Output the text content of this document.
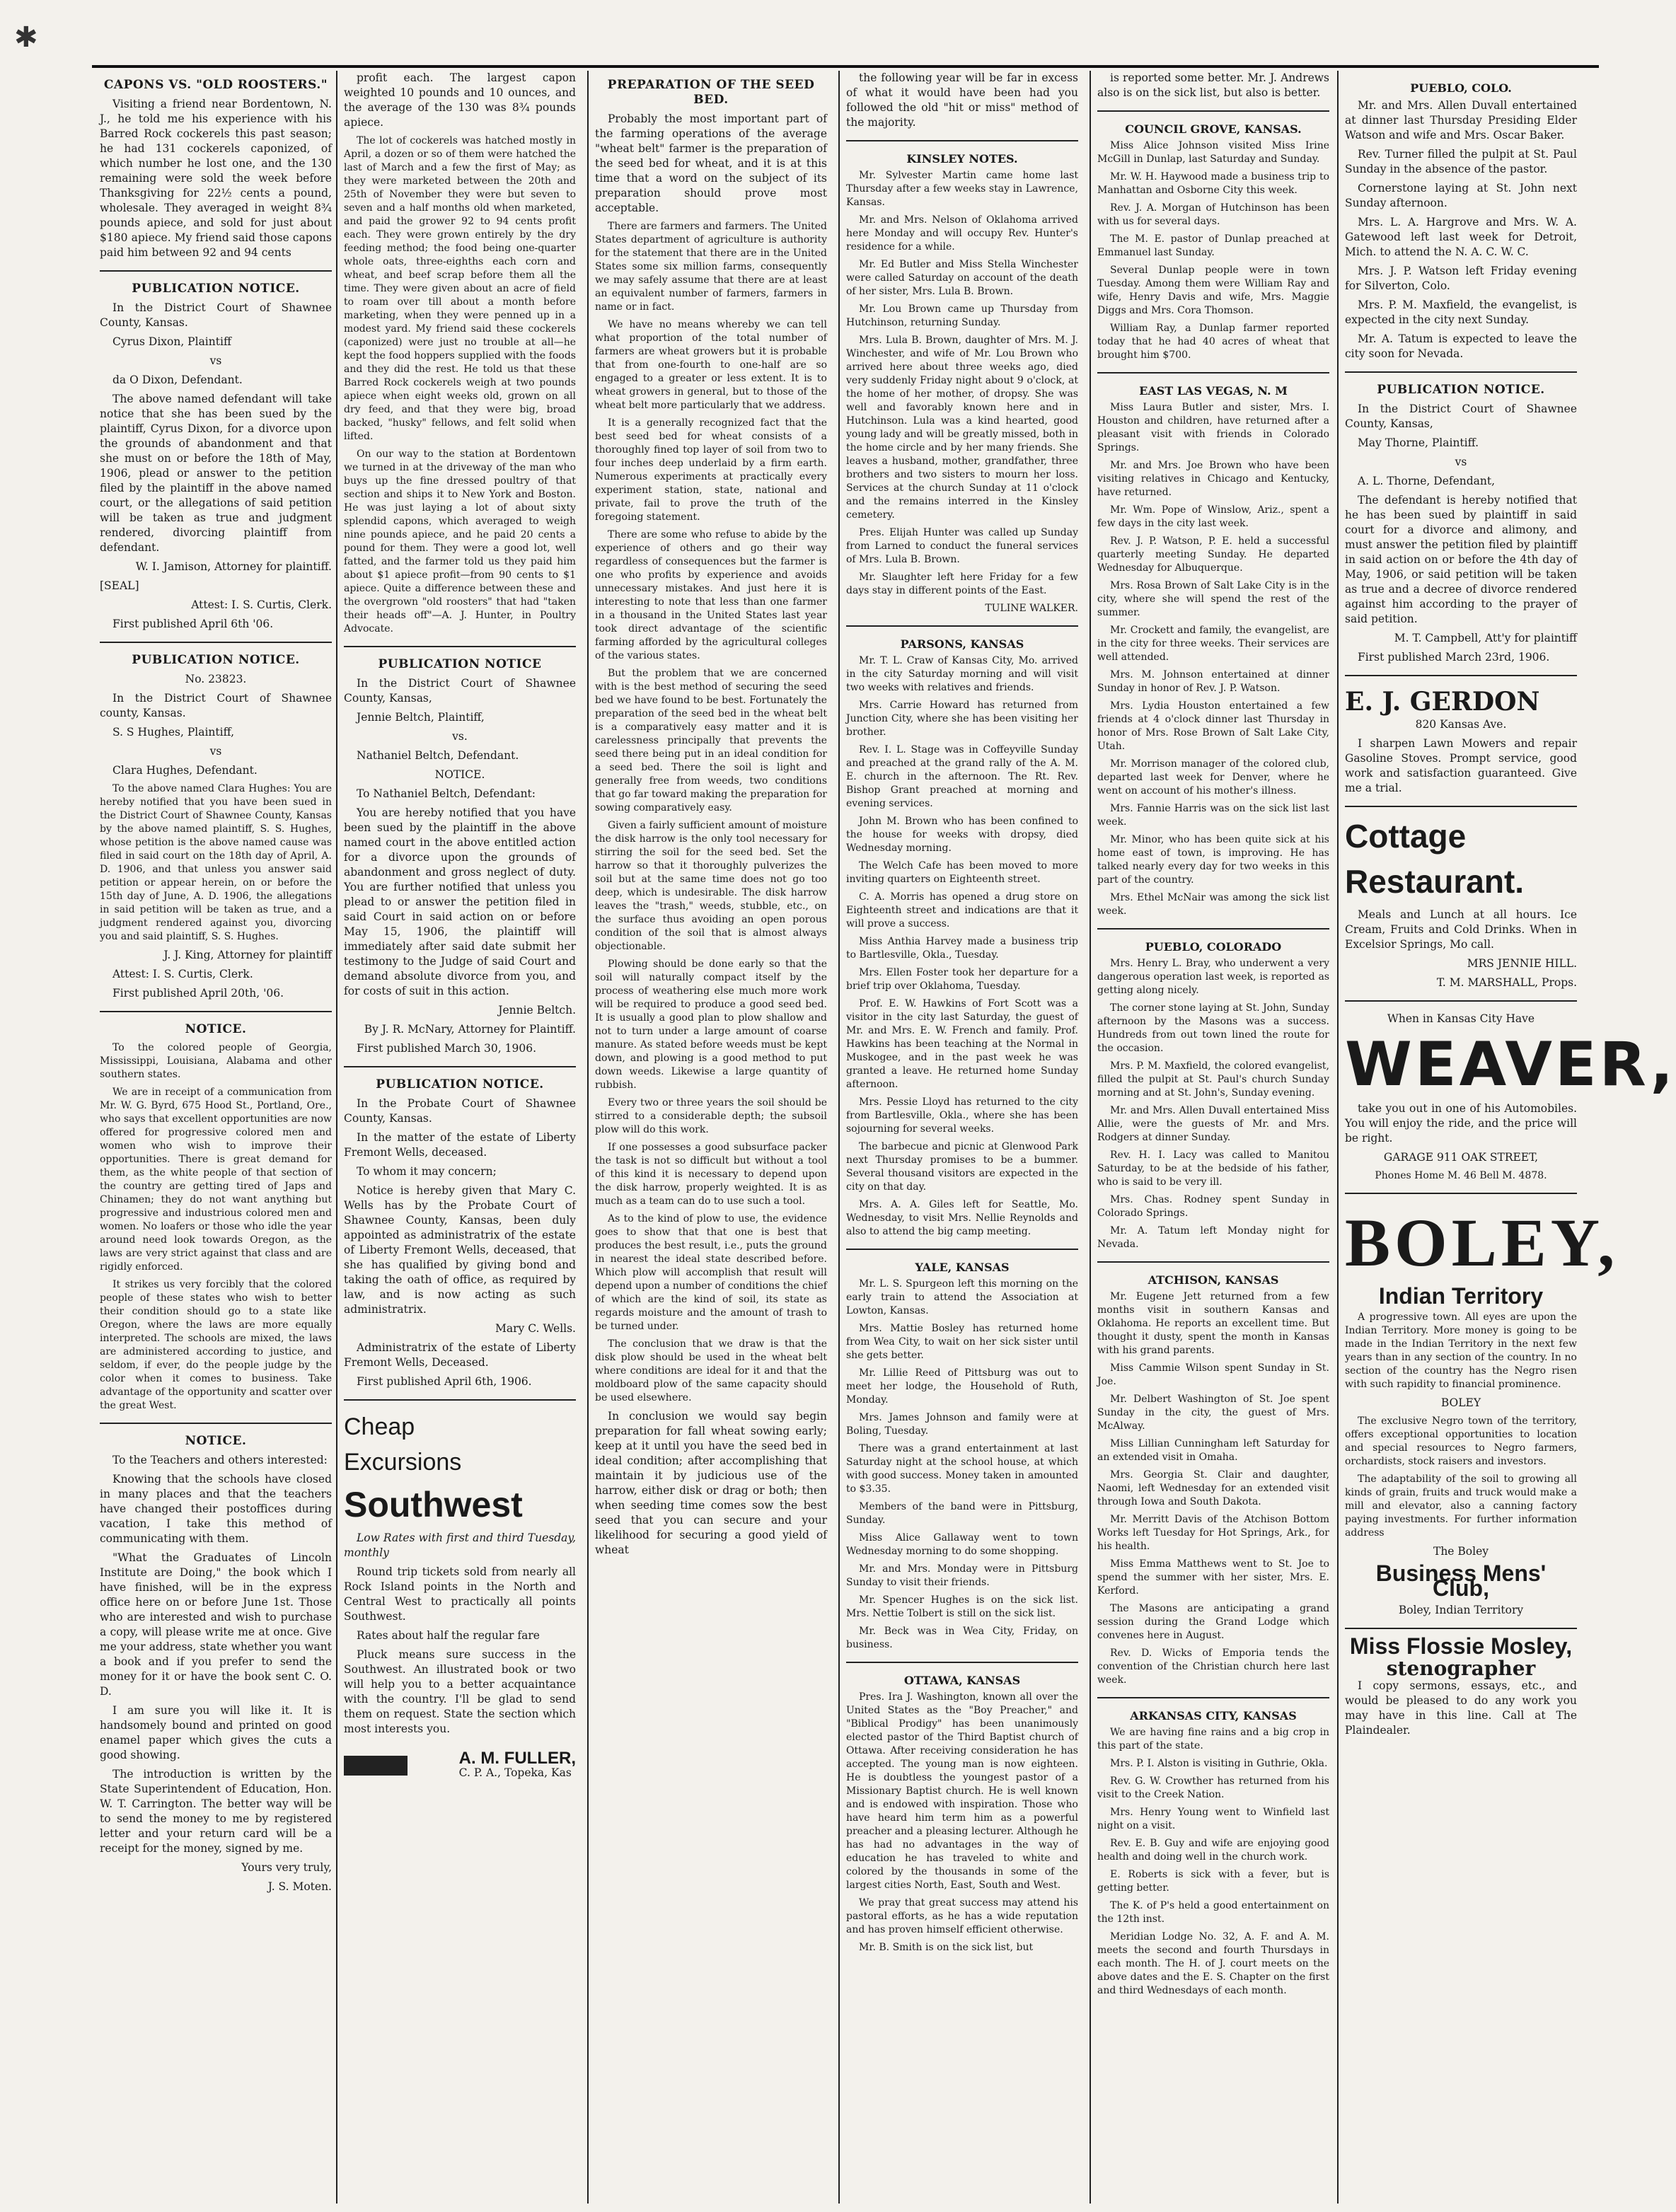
✱
CAPONS VS. "OLD ROOSTERS."

Visiting a friend near Bordentown, N. J., he told me his experience with his Barred Rock cockerels this past season; he had 131 cockerels caponized, of which number he lost one, and the 130 remaining were sold the week before Thanksgiving for 22½ cents a pound, wholesale. They averaged in weight 8¾ pounds apiece, and sold for just about $180 apiece. My friend said those capons paid him between 92 and 94 cents

PUBLICATION NOTICE.

In the District Court of Shawnee County, Kansas.

Cyrus Dixon, Plaintiff

vs

da O Dixon, Defendant.

The above named defendant will take notice that she has been sued by the plaintiff, Cyrus Dixon, for a divorce upon the grounds of abandonment and that she must on or before the 18th of May, 1906, plead or answer to the petition filed by the plaintiff in the above named court, or the allegations of said petition will be taken as true and judgment rendered, divorcing plaintiff from defendant.

W. I. Jamison, Attorney for plaintiff.

[SEAL]

Attest: I. S. Curtis, Clerk.

First published April 6th '06.

PUBLICATION NOTICE.

No. 23823.

In the District Court of Shawnee county, Kansas.

S. S Hughes, Plaintiff,

vs

Clara Hughes, Defendant.

To the above named Clara Hughes: You are hereby notified that you have been sued in the District Court of Shawnee County, Kansas by the above named plaintiff, S. S. Hughes, whose petition is the above named cause was filed in said court on the 18th day of April, A. D. 1906, and that unless you answer said petition or appear herein, on or before the 15th day of June, A. D. 1906, the allegations in said petition will be taken as true, and a judgment rendered against you, divorcing you and said plaintiff, S. S. Hughes.

J. J. King, Attorney for plaintiff

Attest: I. S. Curtis, Clerk.

First published April 20th, '06.

NOTICE.

To the colored people of Georgia, Mississippi, Louisiana, Alabama and other southern states.

We are in receipt of a communication from Mr. W. G. Byrd, 675 Hood St., Portland, Ore., who says that excellent opportunities are now offered for progressive colored men and women who wish to improve their opportunities. There is great demand for them, as the white people of that section of the country are getting tired of Japs and Chinamen; they do not want anything but progressive and industrious colored men and women. No loafers or those who idle the year around need look towards Oregon, as the laws are very strict against that class and are rigidly enforced.

It strikes us very forcibly that the colored people of these states who wish to better their condition should go to a state like Oregon, where the laws are more equally interpreted. The schools are mixed, the laws are administered according to justice, and seldom, if ever, do the people judge by the color when it comes to business. Take advantage of the opportunity and scatter over the great West.

NOTICE.

To the Teachers and others interested:

Knowing that the schools have closed in many places and that the teachers have changed their postoffices during vacation, I take this method of communicating with them.

"What the Graduates of Lincoln Institute are Doing," the book which I have finished, will be in the express office here on or before June 1st. Those who are interested and wish to purchase a copy, will please write me at once. Give me your address, state whether you want a book and if you prefer to send the money for it or have the book sent C. O. D.

I am sure you will like it. It is handsomely bound and printed on good enamel paper which gives the cuts a good showing.

The introduction is written by the State Superintendent of Education, Hon. W. T. Carrington. The better way will be to send the money to me by registered letter and your return card will be a receipt for the money, signed by me.

Yours very truly,

J. S. Moten.

profit each. The largest capon weighted 10 pounds and 10 ounces, and the average of the 130 was 8¾ pounds apiece.

The lot of cockerels was hatched mostly in April, a dozen or so of them were hatched the last of March and a few the first of May; as they were marketed between the 20th and 25th of November they were but seven to seven and a half months old when marketed, and paid the grower 92 to 94 cents profit each. They were grown entirely by the dry feeding method; the food being one-quarter whole oats, three-eighths each corn and wheat, and beef scrap before them all the time. They were given about an acre of field to roam over till about a month before marketing, when they were penned up in a modest yard. My friend said these cockerels (caponized) were just no trouble at all—he kept the food hoppers supplied with the foods and they did the rest. He told us that these Barred Rock cockerels weigh at two pounds apiece when eight weeks old, grown on all dry feed, and that they were big, broad backed, "husky" fellows, and felt solid when lifted.

On our way to the station at Bordentown we turned in at the driveway of the man who buys up the fine dressed poultry of that section and ships it to New York and Boston. He was just laying a lot of about sixty splendid capons, which averaged to weigh nine pounds apiece, and he paid 20 cents a pound for them. They were a good lot, well fatted, and the farmer told us they paid him about $1 apiece profit—from 90 cents to $1 apiece. Quite a difference between these and the overgrown "old roosters" that had "taken their heads off"—A. J. Hunter, in Poultry Advocate.

PUBLICATION NOTICE

In the District Court of Shawnee County, Kansas,

Jennie Beltch, Plaintiff,

vs.

Nathaniel Beltch, Defendant.

NOTICE.

To Nathaniel Beltch, Defendant:

You are hereby notified that you have been sued by the plaintiff in the above named court in the above entitled action for a divorce upon the grounds of abandonment and gross neglect of duty. You are further notified that unless you plead to or answer the petition filed in said Court in said action on or before May 15, 1906, the plaintiff will immediately after said date submit her testimony to the Judge of said Court and demand absolute divorce from you, and for costs of suit in this action.

Jennie Beltch.

By J. R. McNary, Attorney for Plaintiff.

First published March 30, 1906.

PUBLICATION NOTICE.

In the Probate Court of Shawnee County, Kansas.

In the matter of the estate of Liberty Fremont Wells, deceased.

To whom it may concern;

Notice is hereby given that Mary C. Wells has by the Probate Court of Shawnee County, Kansas, been duly appointed as administratrix of the estate of Liberty Fremont Wells, deceased, that she has qualified by giving bond and taking the oath of office, as required by law, and is now acting as such administratrix.

Mary C. Wells.

Administratrix of the estate of Liberty Fremont Wells, Deceased.

First published April 6th, 1906.

Cheap
Excursions
Southwest

Low Rates with first and third Tuesday, monthly

Round trip tickets sold from nearly all Rock Island points in the North and Central West to practically all points Southwest.

Rates about half the regular fare

Pluck means sure success in the Southwest. An illustrated book or two will help you to a better acquaintance with the country. I'll be glad to send them on request. State the section which most interests you.

A. M. FULLER,
C. P. A., Topeka, Kas
PREPARATION OF THE SEED BED.

Probably the most important part of the farming operations of the average "wheat belt" farmer is the preparation of the seed bed for wheat, and it is at this time that a word on the subject of its preparation should prove most acceptable.

There are farmers and farmers. The United States department of agriculture is authority for the statement that there are in the United States some six million farms, consequently we may safely assume that there are at least an equivalent number of farmers, farmers in name or in fact.

We have no means whereby we can tell what proportion of the total number of farmers are wheat growers but it is probable that from one-fourth to one-half are so engaged to a greater or less extent. It is to wheat growers in general, but to those of the wheat belt more particularly that we address.

It is a generally recognized fact that the best seed bed for wheat consists of a thoroughly fined top layer of soil from two to four inches deep underlaid by a firm earth. Numerous experiments at practically every experiment station, state, national and private, fail to prove the truth of the foregoing statement.

There are some who refuse to abide by the experience of others and go their way regardless of consequences but the farmer is one who profits by experience and avoids unnecessary mistakes. And just here it is interesting to note that less than one farmer in a thousand in the United States last year took direct advantage of the scientific farming afforded by the agricultural colleges of the various states.

But the problem that we are concerned with is the best method of securing the seed bed we have found to be best. Fortunately the preparation of the seed bed in the wheat belt is a comparatively easy matter and it is carelessness principally that prevents the seed there being put in an ideal condition for a seed bed. There the soil is light and generally free from weeds, two conditions that go far toward making the preparation for sowing comparatively easy.

Given a fairly sufficient amount of moisture the disk harrow is the only tool necessary for stirring the soil for the seed bed. Set the harrow so that it thoroughly pulverizes the soil but at the same time does not go too deep, which is undesirable. The disk harrow leaves the "trash," weeds, stubble, etc., on the surface thus avoiding an open porous condition of the soil that is almost always objectionable.

Plowing should be done early so that the soil will naturally compact itself by the process of weathering else much more work will be required to produce a good seed bed. It is usually a good plan to plow shallow and not to turn under a large amount of coarse manure. As stated before weeds must be kept down, and plowing is a good method to put down weeds. Likewise a large quantity of rubbish.

Every two or three years the soil should be stirred to a considerable depth; the subsoil plow will do this work.

If one possesses a good subsurface packer the task is not so difficult but without a tool of this kind it is necessary to depend upon the disk harrow, properly weighted. It is as much as a team can do to use such a tool.

As to the kind of plow to use, the evidence goes to show that that one is best that produces the best result, i.e., puts the ground in nearest the ideal state described before. Which plow will accomplish that result will depend upon a number of conditions the chief of which are the kind of soil, its state as regards moisture and the amount of trash to be turned under.

The conclusion that we draw is that the disk plow should be used in the wheat belt where conditions are ideal for it and that the moldboard plow of the same capacity should be used elsewhere.

In conclusion we would say begin preparation for fall wheat sowing early; keep at it until you have the seed bed in ideal condition; after accomplishing that maintain it by judicious use of the harrow, either disk or drag or both; then when seeding time comes sow the best seed that you can secure and your likelihood for securing a good yield of wheat

the following year will be far in excess of what it would have been had you followed the old "hit or miss" method of the majority.

KINSLEY NOTES.

Mr. Sylvester Martin came home last Thursday after a few weeks stay in Lawrence, Kansas.

Mr. and Mrs. Nelson of Oklahoma arrived here Monday and will occupy Rev. Hunter's residence for a while.

Mr. Ed Butler and Miss Stella Winchester were called Saturday on account of the death of her sister, Mrs. Lula B. Brown.

Mr. Lou Brown came up Thursday from Hutchinson, returning Sunday.

Mrs. Lula B. Brown, daughter of Mrs. M. J. Winchester, and wife of Mr. Lou Brown who arrived here about three weeks ago, died very suddenly Friday night about 9 o'clock, at the home of her mother, of dropsy. She was well and favorably known here and in Hutchinson. Lula was a kind hearted, good young lady and will be greatly missed, both in the home circle and by her many friends. She leaves a husband, mother, grandfather, three brothers and two sisters to mourn her loss. Services at the church Sunday at 11 o'clock and the remains interred in the Kinsley cemetery.

Pres. Elijah Hunter was called up Sunday from Larned to conduct the funeral services of Mrs. Lula B. Brown.

Mr. Slaughter left here Friday for a few days stay in different points of the East.

TULINE WALKER.

PARSONS, KANSAS

Mr. T. L. Craw of Kansas City, Mo. arrived in the city Saturday morning and will visit two weeks with relatives and friends.

Mrs. Carrie Howard has returned from Junction City, where she has been visiting her brother.

Rev. I. L. Stage was in Coffeyville Sunday and preached at the grand rally of the A. M. E. church in the afternoon. The Rt. Rev. Bishop Grant preached at morning and evening services.

John M. Brown who has been confined to the house for weeks with dropsy, died Wednesday morning.

The Welch Cafe has been moved to more inviting quarters on Eighteenth street.

C. A. Morris has opened a drug store on Eighteenth street and indications are that it will prove a success.

Miss Anthia Harvey made a business trip to Bartlesville, Okla., Tuesday.

Mrs. Ellen Foster took her departure for a brief trip over Oklahoma, Tuesday.

Prof. E. W. Hawkins of Fort Scott was a visitor in the city last Saturday, the guest of Mr. and Mrs. E. W. French and family. Prof. Hawkins has been teaching at the Normal in Muskogee, and in the past week he was granted a leave. He returned home Sunday afternoon.

Mrs. Pessie Lloyd has returned to the city from Bartlesville, Okla., where she has been sojourning for several weeks.

The barbecue and picnic at Glenwood Park next Thursday promises to be a bummer. Several thousand visitors are expected in the city on that day.

Mrs. A. A. Giles left for Seattle, Mo. Wednesday, to visit Mrs. Nellie Reynolds and also to attend the big camp meeting.

YALE, KANSAS

Mr. L. S. Spurgeon left this morning on the early train to attend the Association at Lowton, Kansas.

Mrs. Mattie Bosley has returned home from Wea City, to wait on her sick sister until she gets better.

Mr. Lillie Reed of Pittsburg was out to meet her lodge, the Household of Ruth, Monday.

Mrs. James Johnson and family were at Boling, Tuesday.

There was a grand entertainment at last Saturday night at the school house, at which with good success. Money taken in amounted to $3.35.

Members of the band were in Pittsburg, Sunday.

Miss Alice Gallaway went to town Wednesday morning to do some shopping.

Mr. and Mrs. Monday were in Pittsburg Sunday to visit their friends.

Mr. Spencer Hughes is on the sick list. Mrs. Nettie Tolbert is still on the sick list.

Mr. Beck was in Wea City, Friday, on business.

OTTAWA, KANSAS

Pres. Ira J. Washington, known all over the United States as the "Boy Preacher," and "Biblical Prodigy" has been unanimously elected pastor of the Third Baptist church of Ottawa. After receiving consideration he has accepted. The young man is now eighteen. He is doubtless the youngest pastor of a Missionary Baptist church. He is well known and is endowed with inspiration. Those who have heard him term him as a powerful preacher and a pleasing lecturer. Although he has had no advantages in the way of education he has traveled to white and colored by the thousands in some of the largest cities North, East, South and West.

We pray that great success may attend his pastoral efforts, as he has a wide reputation and has proven himself efficient otherwise.

Mr. B. Smith is on the sick list, but

is reported some better. Mr. J. Andrews also is on the sick list, but also is better.

COUNCIL GROVE, KANSAS.

Miss Alice Johnson visited Miss Irine McGill in Dunlap, last Saturday and Sunday.

Mr. W. H. Haywood made a business trip to Manhattan and Osborne City this week.

Rev. J. A. Morgan of Hutchinson has been with us for several days.

The M. E. pastor of Dunlap preached at Emmanuel last Sunday.

Several Dunlap people were in town Tuesday. Among them were William Ray and wife, Henry Davis and wife, Mrs. Maggie Diggs and Mrs. Cora Thomson.

William Ray, a Dunlap farmer reported today that he had 40 acres of wheat that brought him $700.

EAST LAS VEGAS, N. M

Miss Laura Butler and sister, Mrs. I. Houston and children, have returned after a pleasant visit with friends in Colorado Springs.

Mr. and Mrs. Joe Brown who have been visiting relatives in Chicago and Kentucky, have returned.

Mr. Wm. Pope of Winslow, Ariz., spent a few days in the city last week.

Rev. J. P. Watson, P. E. held a successful quarterly meeting Sunday. He departed Wednesday for Albuquerque.

Mrs. Rosa Brown of Salt Lake City is in the city, where she will spend the rest of the summer.

Mr. Crockett and family, the evangelist, are in the city for three weeks. Their services are well attended.

Mrs. M. Johnson entertained at dinner Sunday in honor of Rev. J. P. Watson.

Mrs. Lydia Houston entertained a few friends at 4 o'clock dinner last Thursday in honor of Mrs. Rose Brown of Salt Lake City, Utah.

Mr. Morrison manager of the colored club, departed last week for Denver, where he went on account of his mother's illness.

Mrs. Fannie Harris was on the sick list last week.

Mr. Minor, who has been quite sick at his home east of town, is improving. He has talked nearly every day for two weeks in this part of the country.

Mrs. Ethel McNair was among the sick list week.

PUEBLO, COLORADO

Mrs. Henry L. Bray, who underwent a very dangerous operation last week, is reported as getting along nicely.

The corner stone laying at St. John, Sunday afternoon by the Masons was a success. Hundreds from out town lined the route for the occasion.

Mrs. P. M. Maxfield, the colored evangelist, filled the pulpit at St. Paul's church Sunday morning and at St. John's, Sunday evening.

Mr. and Mrs. Allen Duvall entertained Miss Allie, were the guests of Mr. and Mrs. Rodgers at dinner Sunday.

Rev. H. I. Lacy was called to Manitou Saturday, to be at the bedside of his father, who is said to be very ill.

Mrs. Chas. Rodney spent Sunday in Colorado Springs.

Mr. A. Tatum left Monday night for Nevada.

ATCHISON, KANSAS

Mr. Eugene Jett returned from a few months visit in southern Kansas and Oklahoma. He reports an excellent time. But thought it dusty, spent the month in Kansas with his grand parents.

Miss Cammie Wilson spent Sunday in St. Joe.

Mr. Delbert Washington of St. Joe spent Sunday in the city, the guest of Mrs. McAlway.

Miss Lillian Cunningham left Saturday for an extended visit in Omaha.

Mrs. Georgia St. Clair and daughter, Naomi, left Wednesday for an extended visit through Iowa and South Dakota.

Mr. Merritt Davis of the Atchison Bottom Works left Tuesday for Hot Springs, Ark., for his health.

Miss Emma Matthews went to St. Joe to spend the summer with her sister, Mrs. E. Kerford.

The Masons are anticipating a grand session during the Grand Lodge which convenes here in August.

Rev. D. Wicks of Emporia tends the convention of the Christian church here last week.

ARKANSAS CITY, KANSAS

We are having fine rains and a big crop in this part of the state.

Mrs. P. I. Alston is visiting in Guthrie, Okla.

Rev. G. W. Crowther has returned from his visit to the Creek Nation.

Mrs. Henry Young went to Winfield last night on a visit.

Rev. E. B. Guy and wife are enjoying good health and doing well in the church work.

E. Roberts is sick with a fever, but is getting better.

The K. of P's held a good entertainment on the 12th inst.

Meridian Lodge No. 32, A. F. and A. M. meets the second and fourth Thursdays in each month. The H. of J. court meets on the above dates and the E. S. Chapter on the first and third Wednesdays of each month.

PUEBLO, COLO.

Mr. and Mrs. Allen Duvall entertained at dinner last Thursday Presiding Elder Watson and wife and Mrs. Oscar Baker.

Rev. Turner filled the pulpit at St. Paul Sunday in the absence of the pastor.

Cornerstone laying at St. John next Sunday afternoon.

Mrs. L. A. Hargrove and Mrs. W. A. Gatewood left last week for Detroit, Mich. to attend the N. A. C. W. C.

Mrs. J. P. Watson left Friday evening for Silverton, Colo.

Mrs. P. M. Maxfield, the evangelist, is expected in the city next Sunday.

Mr. A. Tatum is expected to leave the city soon for Nevada.

PUBLICATION NOTICE.

In the District Court of Shawnee County, Kansas,

May Thorne, Plaintiff.

vs

A. L. Thorne, Defendant,

The defendant is hereby notified that he has been sued by plaintiff in said court for a divorce and alimony, and must answer the petition filed by plaintiff in said action on or before the 4th day of May, 1906, or said petition will be taken as true and a decree of divorce rendered against him according to the prayer of said petition.

M. T. Campbell, Att'y for plaintiff

First published March 23rd, 1906.

E. J. GERDON

820 Kansas Ave.

I sharpen Lawn Mowers and repair Gasoline Stoves. Prompt service, good work and satisfaction guaranteed. Give me a trial.

Cottage
Restaurant.

Meals and Lunch at all hours. Ice Cream, Fruits and Cold Drinks. When in Excelsior Springs, Mo call.

MRS JENNIE HILL.

T. M. MARSHALL, Props.

When in Kansas City Have

WEAVER,

take you out in one of his Automobiles. You will enjoy the ride, and the price will be right.

GARAGE 911 OAK STREET,

Phones Home M. 46 Bell M. 4878.

BOLEY,
Indian Territory

A progressive town. All eyes are upon the Indian Territory. More money is going to be made in the Indian Territory in the next few years than in any section of the country. In no section of the country has the Negro risen with such rapidity to financial prominence.

BOLEY

The exclusive Negro town of the territory, offers exceptional opportunities to location and special resources to Negro farmers, orchardists, stock raisers and investors.

The adaptability of the soil to growing all kinds of grain, fruits and truck would make a mill and elevator, also a canning factory paying investments. For further information address

The Boley

Business Mens' Club,

Boley, Indian Territory

Miss Flossie Mosley,
stenographer

I copy sermons, essays, etc., and would be pleased to do any work you may have in this line. Call at The Plaindealer.
